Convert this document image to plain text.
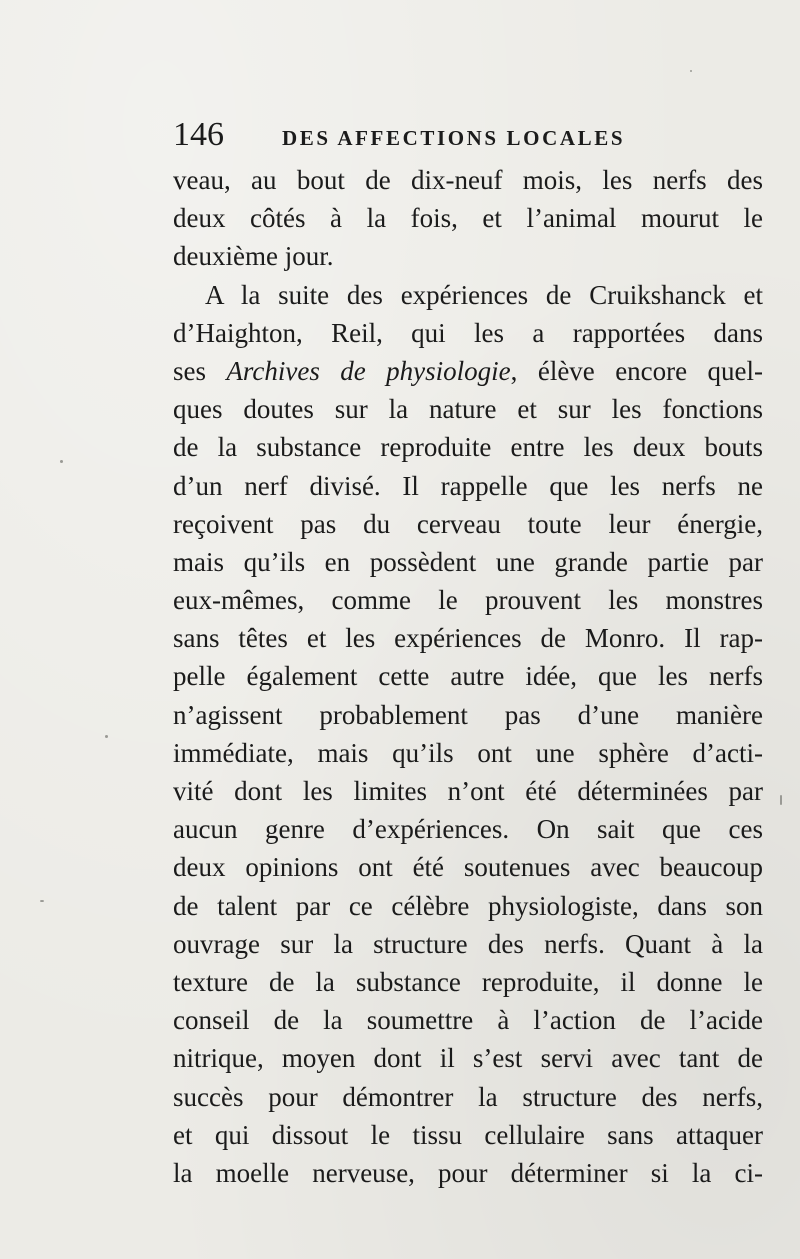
146	DES AFFECTIONS LOCALES
veau, au bout de dix-neuf mois, les nerfs des
deux côtés à la fois, et l’animal mourut le
deuxième jour.
A la suite des expériences de Cruikshanck et
d’Haighton, Reil, qui les a rapportées dans
ses Archives de physiologie, élève encore quel-
ques doutes sur la nature et sur les fonctions
de la substance reproduite entre les deux bouts
d’un nerf divisé. Il rappelle que les nerfs ne
reçoivent pas du cerveau toute leur énergie,
mais qu’ils en possèdent une grande partie par
eux-mêmes, comme le prouvent les monstres
sans têtes et les expériences de Monro. Il rap-
pelle également cette autre idée, que les nerfs
n’agissent probablement pas d’une manière
immédiate, mais qu’ils ont une sphère d’acti-
vité dont les limites n’ont été déterminées par
aucun genre d’expériences. On sait que ces
deux opinions ont été soutenues avec beaucoup
de talent par ce célèbre physiologiste, dans son
ouvrage sur la structure des nerfs. Quant à la
texture de la substance reproduite, il donne le
conseil de la soumettre à l’action de l’acide
nitrique, moyen dont il s’est servi avec tant de
succès pour démontrer la structure des nerfs,
et qui dissout le tissu cellulaire sans attaquer
la moelle nerveuse, pour déterminer si la ci-
